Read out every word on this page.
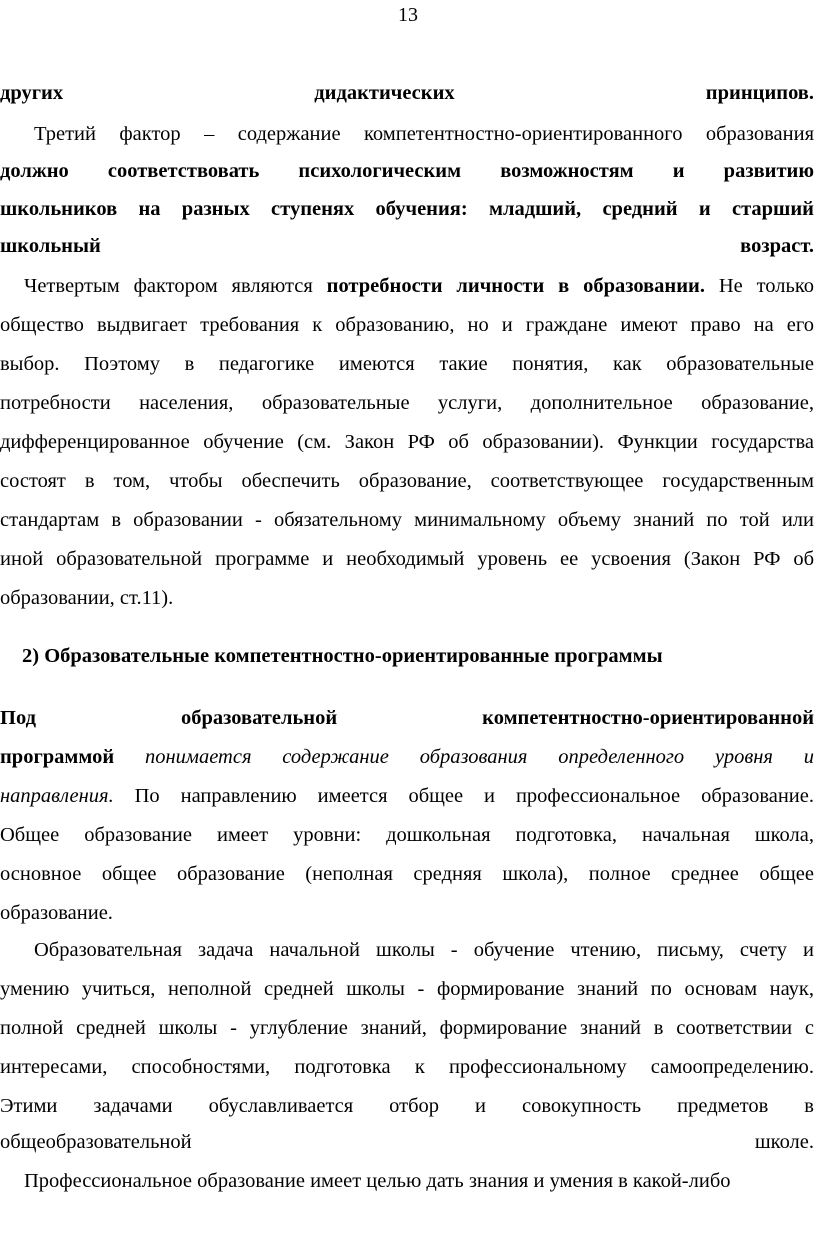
13

других	дидактических	принципов.

Третий фактор – содержание компетентностно-ориентированного образования

должно соответствовать психологическим возможностям и развитию

школьников на разных ступенях обучения: младший, средний и старший

школьный	возраст.

Четвертым фактором являются потребности личности в образовании. Не только

общество выдвигает требования к образованию, но и граждане имеют право на его

выбор. Поэтому в педагогике имеются такие понятия, как образовательные

потребности населения, образовательные услуги, дополнительное образование,

дифференцированное обучение (см. Закон РФ об образовании). Функции государства

состоят в том, чтобы обеспечить образование, соответствующее государственным

стандартам в образовании - обязательному минимальному объему знаний по той или

иной образовательной программе и необходимый уровень ее усвоения (Закон РФ об

образовании, ст.11).

2) Образовательные компетентностно-ориентированные программы

Под	образовательной	компетентностно-ориентированной

программой понимается содержание образования определенного уровня и

направления. По направлению имеется общее и профессиональное образование.

Общее образование имеет уровни: дошкольная подготовка, начальная школа,

основное общее образование (неполная средняя школа), полное среднее общее

образование.

Образовательная задача начальной школы - обучение чтению, письму, счету и

умению учиться, неполной средней школы - формирование знаний по основам наук,

полной средней школы - углубление знаний, формирование знаний в соответствии с

интересами, способностями, подготовка к профессиональному самоопределению.

Этими задачами обуславливается отбор и совокупность предметов в

общеобразовательной	школе.

Профессиональное образование имеет целью дать знания и умения в какой-либо
